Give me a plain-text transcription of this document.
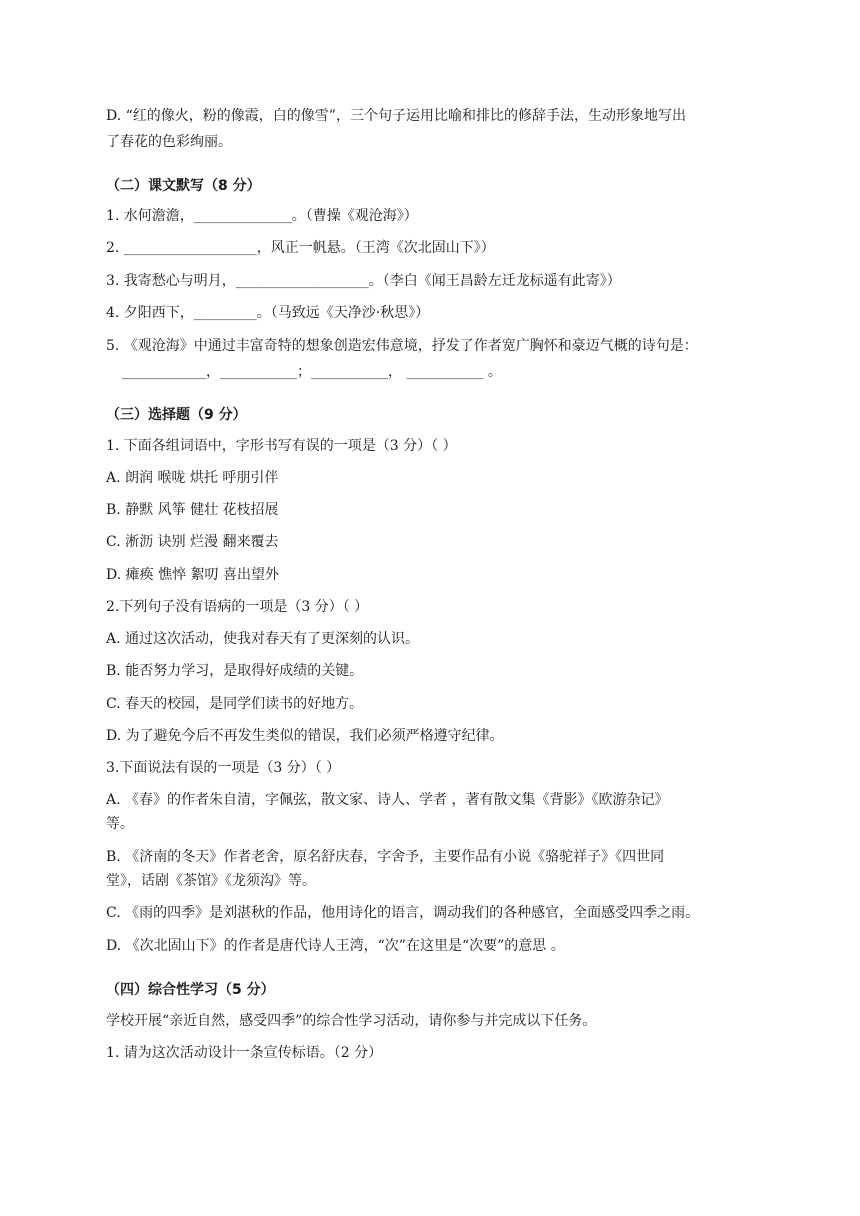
D. “红的像火，粉的像霞，白的像雪”，三个句子运用比喻和排比的修辞手法，生动形象地写出
了春花的色彩绚丽。
（二）课文默写（8 分）
1. 水何澹澹，______________。（曹操《观沧海》）
2. ___________________，风正一帆悬。（王湾《次北固山下》）
3. 我寄愁心与明月，___________________。（李白《闻王昌龄左迁龙标遥有此寄》）
4. 夕阳西下，_________。（马致远《天净沙·秋思》）
5. 《观沧海》中通过丰富奇特的想象创造宏伟意境，抒发了作者宽广胸怀和豪迈气概的诗句是：
____________，___________；___________， ___________ 。
（三）选择题（9 分）
1. 下面各组词语中，字形书写有误的一项是（3 分）（ ）
A. 朗润 喉咙 烘托 呼朋引伴
B. 静默 风筝 健壮 花枝招展
C. 淅沥 诀别 烂漫 翻来覆去
D. 瘫痪 憔悴 絮叨 喜出望外
2.下列句子没有语病的一项是（3 分）（ ）
A. 通过这次活动，使我对春天有了更深刻的认识。
B. 能否努力学习，是取得好成绩的关键。
C. 春天的校园，是同学们读书的好地方。
D. 为了避免今后不再发生类似的错误，我们必须严格遵守纪律。
3.下面说法有误的一项是（3 分）（ ）
A. 《春》的作者朱自清，字佩弦，散文家、诗人、学者 ，著有散文集《背影》《欧游杂记》
等。
B. 《济南的冬天》作者老舍，原名舒庆春，字舍予，主要作品有小说《骆驼祥子》《四世同
堂》，话剧《茶馆》《龙须沟》等。
C. 《雨的四季》是刘湛秋的作品，他用诗化的语言，调动我们的各种感官，全面感受四季之雨。
D. 《次北固山下》的作者是唐代诗人王湾，“次”在这里是“次要”的意思 。
（四）综合性学习（5 分）
学校开展“亲近自然，感受四季”的综合性学习活动，请你参与并完成以下任务。
1. 请为这次活动设计一条宣传标语。（2 分）
